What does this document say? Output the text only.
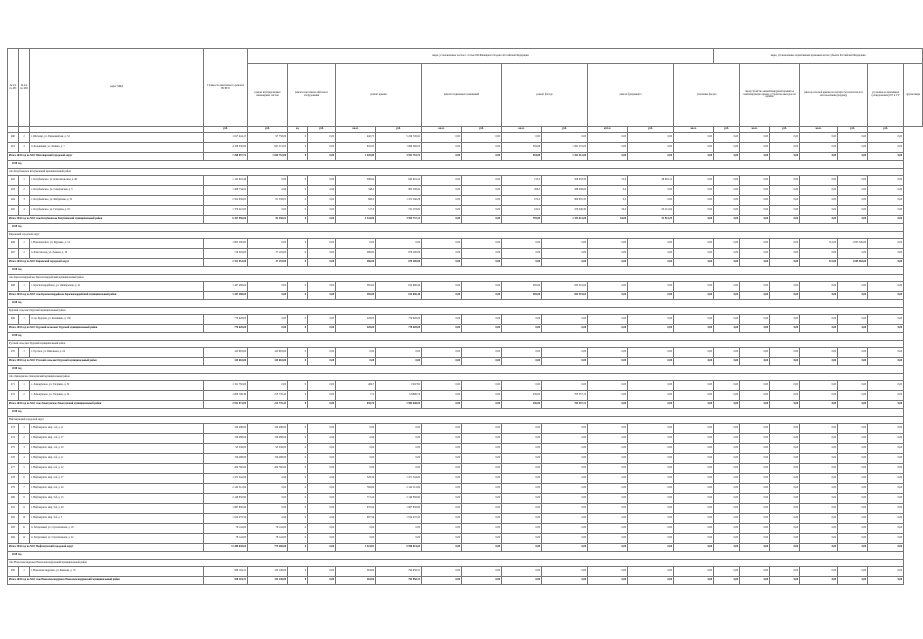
№ п/п по РП	№ п/п по МО	Адрес МКД	Стоимость капитального ремонта ВСЕГО	виды, установленные частью 1 статьи 166 Жилищного Кодекса Российской Федерации												виды, установленные нормативным правовым актом субъекта Российской Федерации						
				ремонт внутридомовых инженерных систем	ремонт или замена лифтового оборудования		ремонт крыши		ремонт подвальных помещений		ремонт фасада		ремонт фундамента		утепление фасада		переустройство невентилируемой крыши на вентилируемую крышу, устройство выходов на кровлю		(иногда плоской крыши на скатную без изм-й малого использования (чердак))		установка коллективных (общедомовых) ПУ и УУ	другие виды
			руб.	руб.	ед.	руб.	кв.м.	руб.	кв.м.	руб.	кв.м.	руб.	куб.м.	руб.	кв.м.	руб.	кв.м.	руб.	кв.м.	руб.	руб.	
460	2	г. Шагонар, ул. Парковайская, д. 52	1 027 444,15	97 758,00	0	0,00	446,75	5 229 726,92	0,00	0,00	0,00	0,00	0,00	0,00	0,00	0,00	0,00	0,00	0,00	0,00	0,00	
461	3	п. Бельняшин, ул. Ленина, д. 7	4 108 330,60	947 572,03	0	0,00	945,95	1 699 566,03	0,00	0,00	594,08	1 261 572,03	0,00	0,00	0,00	0,00	0,00	0,00	0,00	0,00	0,00	
Итого 2018 год по МО: Шагонарский городской округ			7 268 057,74	1 044 752,00	0	0,00	1 420,80	4 941 793,74	0,00	0,00	594,08	1 261 512,00	0,00	0,00	0,00	0,00	0,00	0,00	0,00	0,00	0,00	
2018 год																						
сmo Кочубеевское Кочубеевский муниципальный район																						
462	1	с. Кочубеевское, ул. Комсомольская, д. 46	1 145 616,46	0,00	0	0,00	388,62	642 616,24	0,00	0,00	155,0	456 933,33	21,0	46 063,12	0,00	0,00	0,00	0,00	0,00	0,00	0,00	
463	2	с. Кочубеевское, ул. Северовская, д. 3	1 408 734,02	0,00	0	0,00	348,0	805 336,02	0,00	0,00	206,0	588 406,00	0,0	0,00	0,00	0,00	0,00	0,00	0,00	0,00	0,00	
464	3	с. Кочубеевское, ул. Фабричная, д. 31	2 502 936,95	81 358,01	0	0,00	690,0	1 472 346,26	0,00	0,00	272,0	809 835,35	0,0	0,00	0,00	0,00	0,00	0,00	0,00	0,00	0,00	
465	4	с. Кочубеевское, ул. Гагарина, д. 81	1 370 410,00	0,00	0	0,00	517,0	741 103,00	0,00	0,00	162,0	479 346,30	50,0	93 212,04	0,00	0,00	0,00	0,00	0,00	0,00	0,00	
Итого 2018 год по МО: сmo Кочубеевское Кочубеевский муниципальный район			6 427 956,06	81 358,01	0	0,00	2 344,00	3 594 737,12	0,00	0,00	795,00	2 333 621,00	64,00	91 915,29	0,00	0,00	0,00	0,00	0,00	0,00	0,00	
2018 год																						
Кировский городской округ																						
466	1	г. Новопавловск, ул. Журавко, д. 14	1 605 500,00	0,00	0	0,00	0,00	0,00	0,00	0,00	0,00	0,00	0,00	0,00	0,00	0,00	0,00	0,00	512,00	1 605 500,00	0,00	
467	2	п. Комсомолец, ул. Ленина, д. 16	716 393,00	37 193,00	0	0,00	286,00	679 200,00	0,00	0,00	0,00	0,00	0,00	0,00	0,00	0,00	0,00	0,00	0,00	0,00	0,00	
Итого 2018 год по МО: Кировский городской округ			2 321 953,00	37 193,00	0	0,00	286,00	679 200,00	0,00	0,00	0,00	0,00	0,00	0,00	0,00	0,00	0,00	0,00	512,00	1 605 560,00	0,00	
2018 год																						
сmo Красногвардейское Красногвардейский муниципальный район																						
468	1	с. Красногвардейское, ул. Октябрьская, д. 41	1 447 288,04	0,00	0	0,00	385,00	614 696,40	0,00	0,00	285,00	832 591,64	0,00	0,00	0,00	0,00	0,00	0,00	0,00	0,00	0,00	
Итого 2018 год по МО: сmo Красногвардейское Красногвардейский муниципальный район			1 447 288,04	0,00	0	0,00	385,00	614 696,40	0,00	0,00	285,00	832 591,64	0,00	0,00	0,00	0,00	0,00	0,00	0,00	0,00	0,00	
2018 год																						
Курский сельсовет Курский муниципальный район																						
469	1	ст-ца. Курская, ул. Калинина, д. 136	770 628,00	0,00	0	0,00	228,00	770 628,00	0,00	0,00	0,00	0,00	0,00	0,00	0,00	0,00	0,00	0,00	0,00	0,00	0,00	
Итого 2018 год по МО: Курский сельсовет Курский муниципальный район			770 628,00	0,00	0	0,00	228,00	770 628,00	0,00	0,00	0,00	0,00	0,00	0,00	0,00	0,00	0,00	0,00	0,00	0,00	0,00	
2018 год																						
Русский сельсовет Курский муниципальный район																						
470	1	с. Русское, ул. Школьная, д. 24	145 663,00	145 663,00	0	0,00	0,00	0,00	0,00	0,00	0,00	0,00	0,00	0,00	0,00	0,00	0,00	0,00	0,00	0,00	0,00	
Итого 2018 год по МО: Русский сельсовет Курский муниципальный район			145 663,00	145 663,00	0	0,00	0,00	0,00	0,00	0,00	0,00	0,00	0,00	0,00	0,00	0,00	0,00	0,00	0,00	0,00	0,00	
2018 год																						
сmo Левокумское Левокумский муниципальный район																						
471	1	с. Левокумское, ул. Гагарина, д. 32	1 321 782,00	0,00	0	0,00	466,7	1321782	0,00	0,00	0,00	0,00	0,00	0,00	0,00	0,00	0,00	0,00	0,00	0,00	0,00	
472	2	с. Левокумское, ул. Гагарина, д. 34	1 609 796,39	213 776,43	0	0,00	172	722896,74	0,00	0,00	256,00	703 557,12	0,00	0,00	0,00	0,00	0,00	0,00	0,00	0,00	0,00	
Итого 2018 год по МО: сmo Левокумское Левокумский муниципальный район			2 931 073,09	213 776,43	0	0,00	638,70	1 984 648,04	0,00	0,00	256,00	703 557,12	0,00	0,00	0,00	0,00	0,00	0,00	0,00	0,00	0,00	
2018 год																						
Нефтекумский городской округ																						
473	1	г. Нефтекумск, мкр. 1-й, д. 11	159 488,00	159 488,00	0	0,00	0,00	0,00	0,00	0,00	0,00	0,00	0,00	0,00	0,00	0,00	0,00	0,00	0,00	0,00	0,00	
474	2	г. Нефтекумск, мкр. 1-й, д. 17	159 488,00	159 488,00	0	0,00	0,00	0,00	0,00	0,00	0,00	0,00	0,00	0,00	0,00	0,00	0,00	0,00	0,00	0,00	0,00	
475	3	г. Нефтекумск, мкр. 1-й, д. 10	95 336,00	95 336,00	0	0,00	0,00	0,00	0,00	0,00	0,00	0,00	0,00	0,00	0,00	0,00	0,00	0,00	0,00	0,00	0,00	
476	4	г. Нефтекумск, мкр. 2-й, д. 11	159 488,00	159 488,00	0	0,00	0,00	0,00	0,00	0,00	0,00	0,00	0,00	0,00	0,00	0,00	0,00	0,00	0,00	0,00	0,00	
477	5	г. Нефтекумск, мкр. 2-й, д. 12	204 760,00	204 760,00	0	0,00	0,00	0,00	0,00	0,00	0,00	0,00	0,00	0,00	0,00	0,00	0,00	0,00	0,00	0,00	0,00	
478	6	г. Нефтекумск, мкр. 2-й, д. 17	1 471 344,00	0,00	0	0,00	528,50	1 471 344,00	0,00	0,00	0,00	0,00	0,00	0,00	0,00	0,00	0,00	0,00	0,00	0,00	0,00	
479	7	г. Нефтекумск, мкр. 2-й, д. 24	2 142 512,84	0,00	0	0,00	769,60	2 142 512,84	0,00	0,00	0,00	0,00	0,00	0,00	0,00	0,00	0,00	0,00	0,00	0,00	0,00	
480	8	г. Нефтекумск, мкр. 3-й, д. 15	2 149 856,90	0,00	0	0,00	772,24	2 149 856,90	0,00	0,00	0,00	0,00	0,00	0,00	0,00	0,00	0,00	0,00	0,00	0,00	0,00	
481	9	г. Нефтекумск, мкр. 3-й, д. 20	1 867 856,90	0,00	0	0,00	670,94	1 867 856,90	0,00	0,00	0,00	0,00	0,00	0,00	0,00	0,00	0,00	0,00	0,00	0,00	0,00	
482	10	г. Нефтекумск, мкр. 3-й, д. 5	1 914 270,50	0,00	0	0,00	687,59	1 914 270,50	0,00	0,00	0,00	0,00	0,00	0,00	0,00	0,00	0,00	0,00	0,00	0,00	0,00	
483	11	п. Затеречный, ул. Строительная, д. 18	78 144,00	78 144,00	0	0,00	0,00	0,00	0,00	0,00	0,00	0,00	0,00	0,00	0,00	0,00	0,00	0,00	0,00	0,00	0,00	
484	12	п. Затеречный, ул. Строительная, д. 22	78 144,00	78 144,00	0	0,00	0,00	0,00	0,00	0,00	0,00	0,00	0,00	0,00	0,00	0,00	0,00	0,00	0,00	0,00	0,00	
Итого 2018 год по МО: Нефтекумский городской округ			11 280 638,04	773 208,00	0	0,00	3 424,81	9 596 841,04	0,00	0,00	0,00	0,00	0,00	0,00	0,00	0,00	0,00	0,00	0,00	0,00	0,00	
2018 год																						
сmo Новоалександровск Новоалександровский муниципальный район																						
485	1	г. Новоалександровск, ул. Блинова, д. 55	938 104,31	133 148,00	0	0,00	263,00	794 958,31	0,00	0,00	0,00	0,00	0,00	0,00	0,00	0,00	0,00	0,00	0,00	0,00	0,00	
Итого 2018 год по МО: сmo Новоалександровск Новоалександровский муниципальный район			938 104,31	133 148,00	0	0,00	263,00	794 958,31	0,00	0,00	0,00	0,00	0,00	0,00	0,00	0,00	0,00	0,00	0,00	0,00	0,00	
